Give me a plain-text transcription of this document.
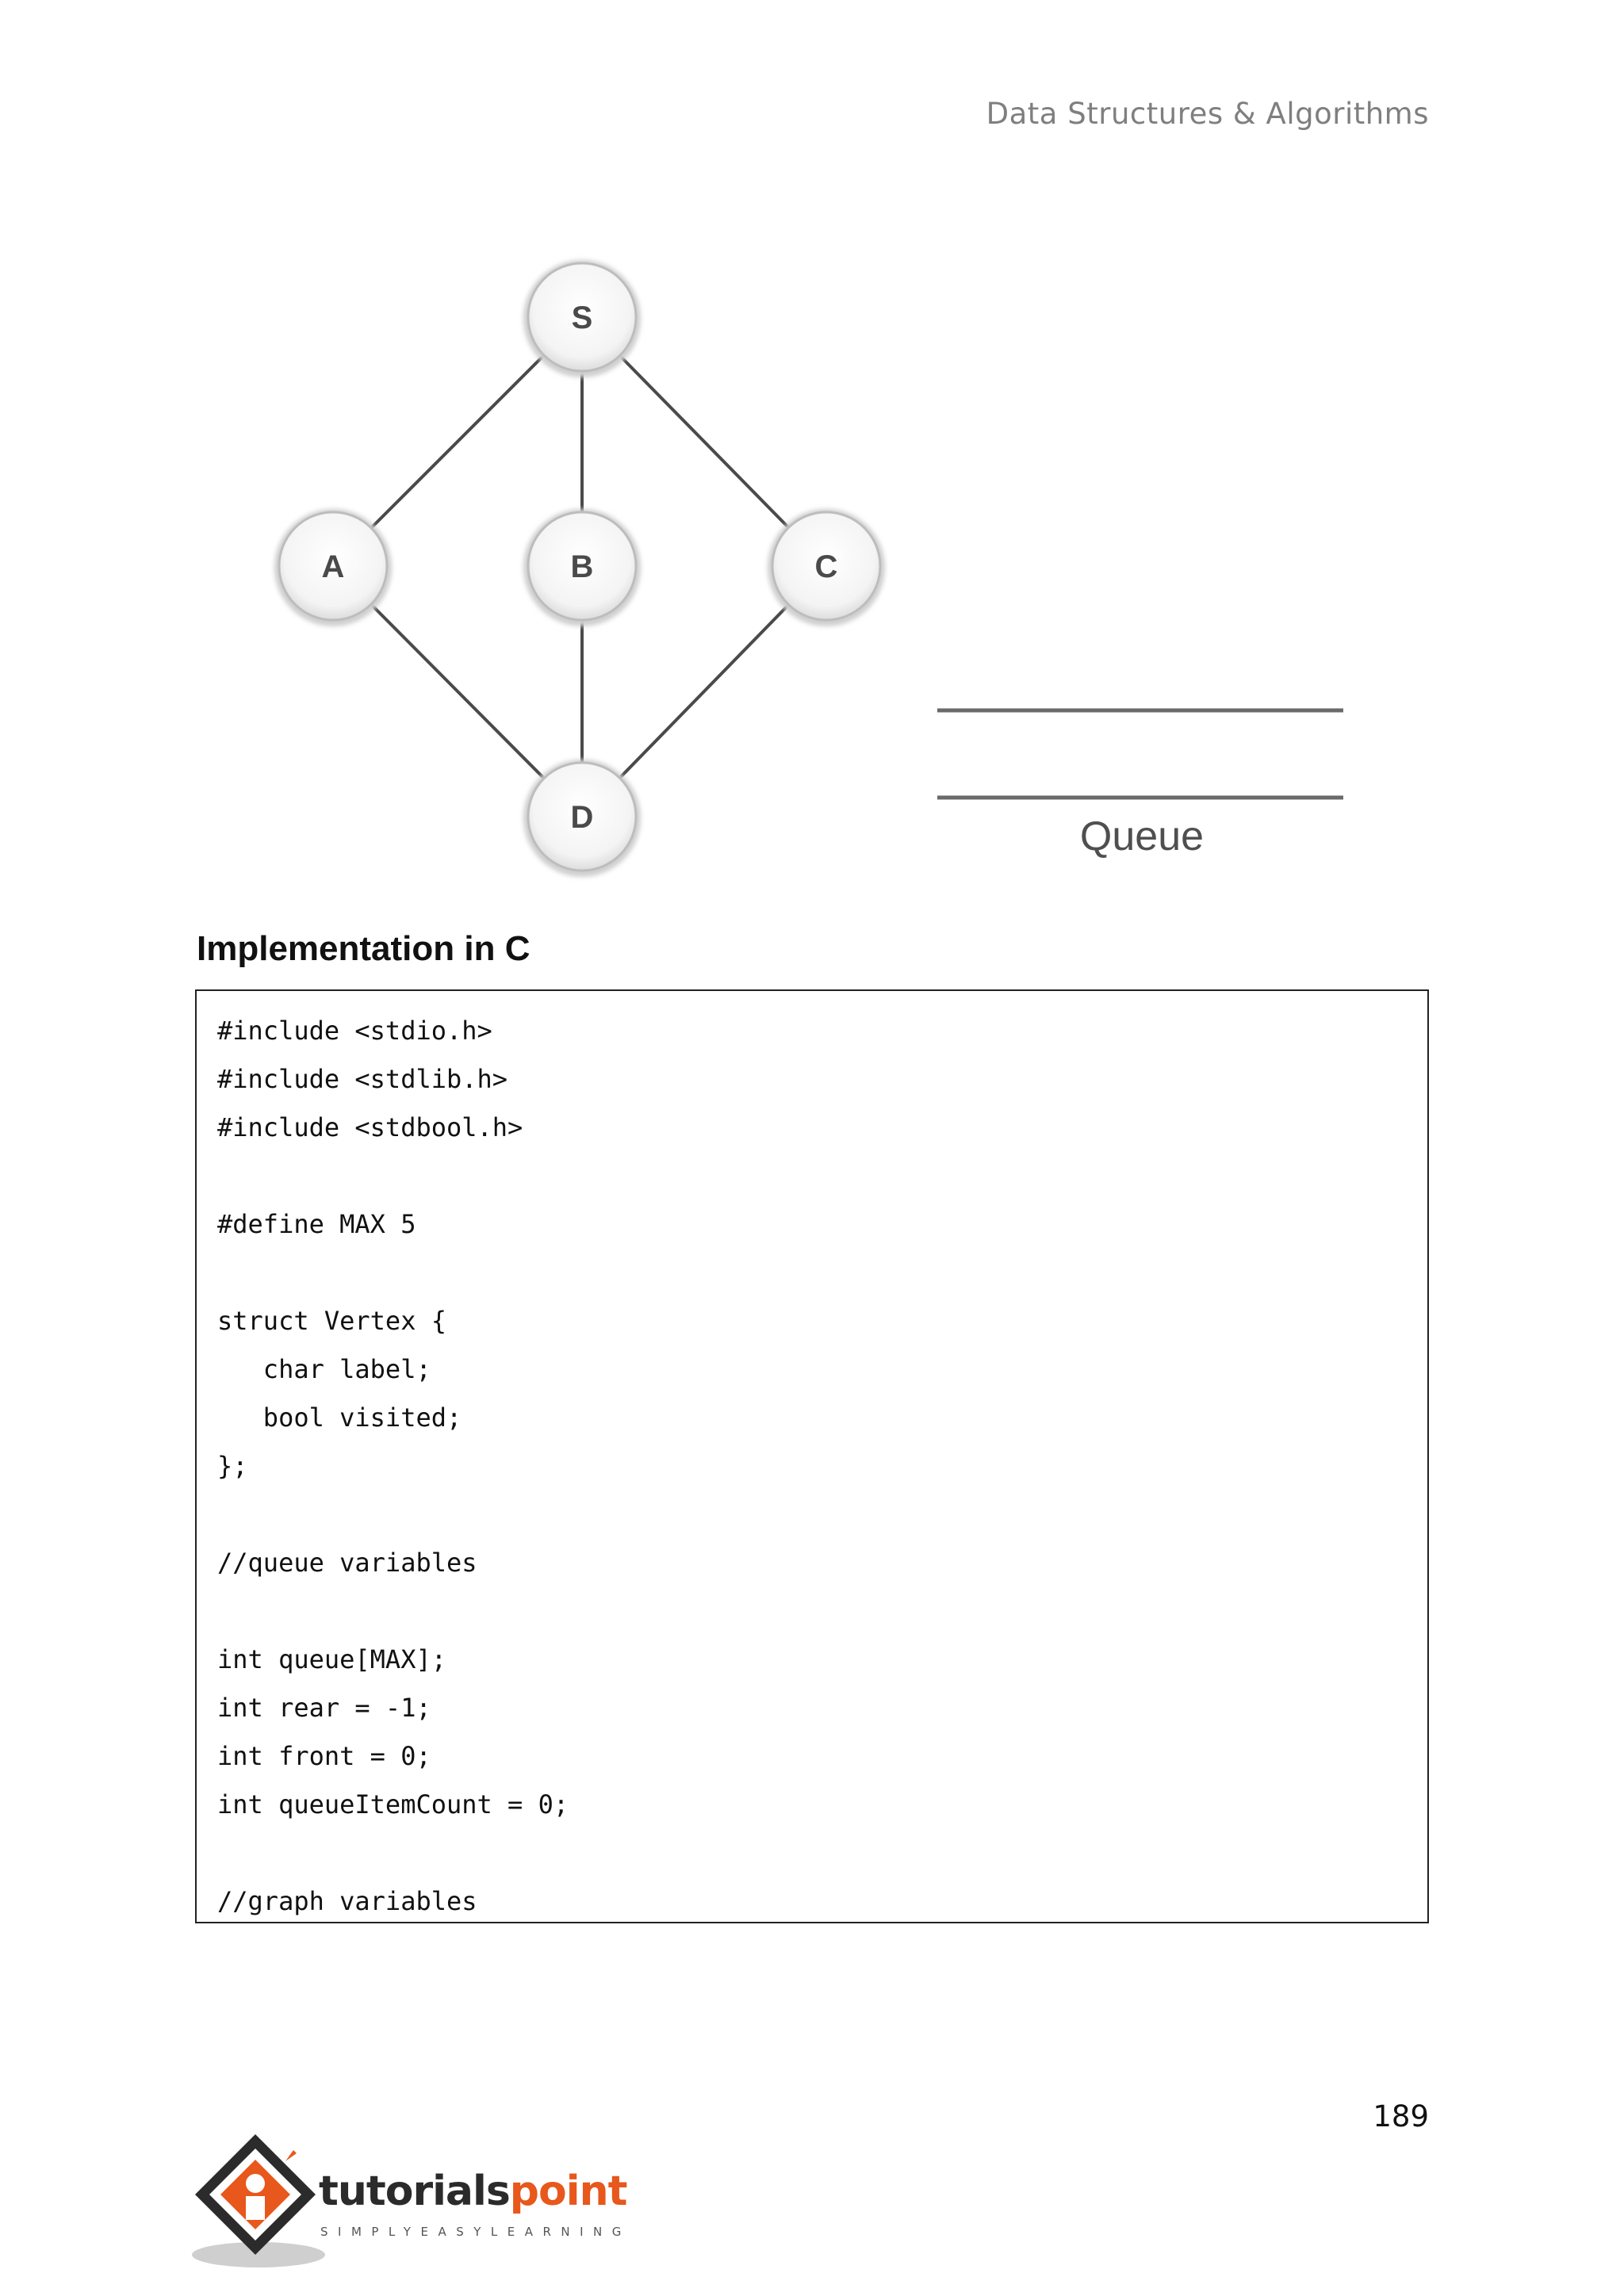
Data Structures & Algorithms
S
A	B	C
D	Queue
Implementation in C
#include <stdio.h>
#include <stdlib.h>
#include <stdbool.h>
#define MAX 5
struct Vertex {
char label;
bool visited;
};
//queue variables
int queue[MAX];
int rear = -1;
int front = 0;
int queueItemCount = 0;
//graph variables
189
tutorialspoint
SIMPLYEASYLEARNING
